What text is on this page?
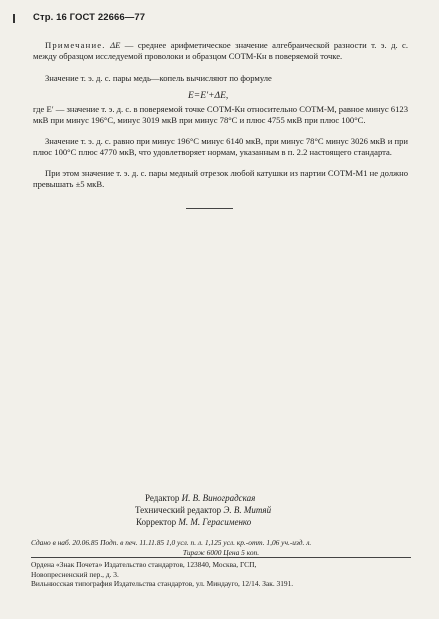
Стр. 16 ГОСТ 22666—77

Примечание. ΔE — среднее арифметическое значение алгебраической разности т. э. д. с. между образцом исследуемой проволоки и образцом СОТМ-Кн в поверяемой точке.

Значение т. э. д. с. пары медь—копель вычисляют по формуле

E=E′+ΔE,

где E′ — значение т. э. д. с. в поверяемой точке СОТМ-Кн относительно СОТМ-М, равное минус 6123 мкВ при минус 196°С, минус 3019 мкВ при минус 78°С и плюс 4755 мкВ при плюс 100°С.

Значение т. э. д. с. равно при минус 196°С минус 6140 мкВ, при минус 78°С минус 3026 мкВ и при плюс 100°С плюс 4770 мкВ, что удовлетворяет нормам, указанным в п. 2.2 настоящего стандарта.

При этом значение т. э. д. с. пары медный отрезок любой катушки из партии СОТМ-М1 не должно превышать ±5 мкВ.

Редактор И. В. Виноградская
Технический редактор Э. В. Митяй
Корректор М. М. Герасименко
Сдано в наб. 20.06.85 Подп. в печ. 11.11.85 1,0 усл. п. л. 1,125 усл. кр.-отт. 1,06 уч.-изд. л.
Тираж 6000 Цена 5 коп.
Ордена «Знак Почета» Издательство стандартов, 123840, Москва, ГСП,
Новопресненский пер., д. 3.
Вильнюсская типография Издательства стандартов, ул. Миндауго, 12/14. Зак. 3191.
